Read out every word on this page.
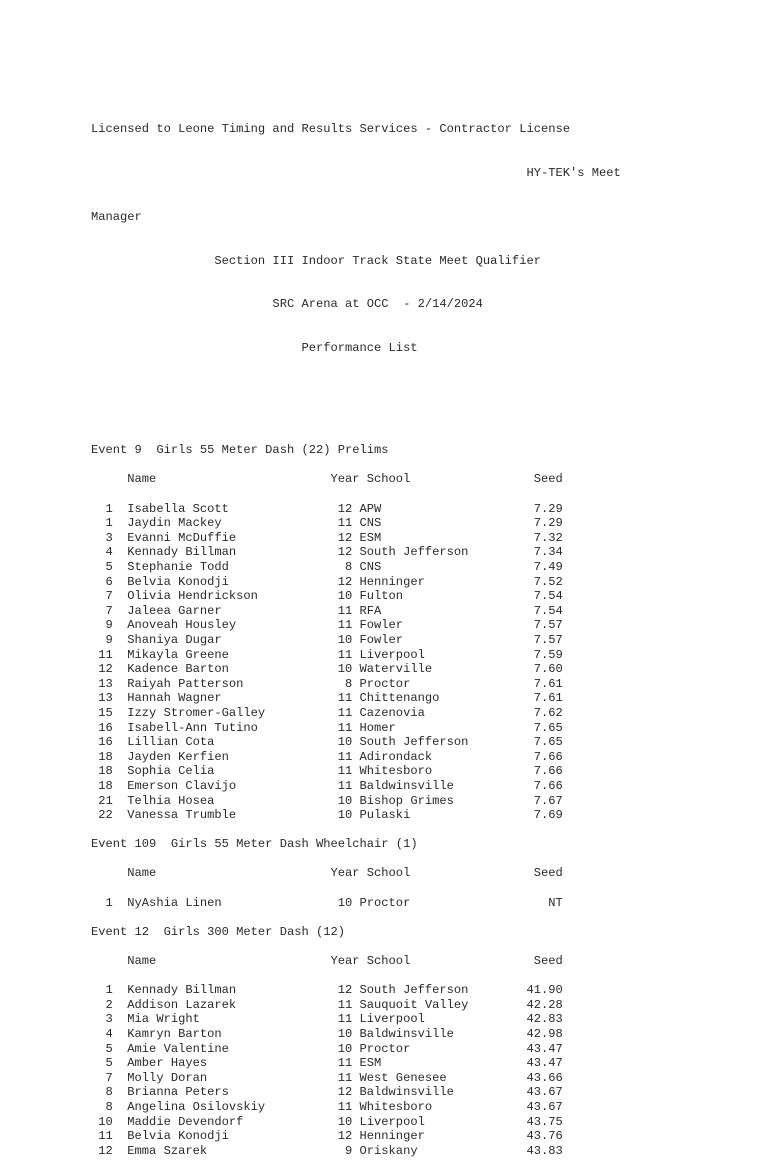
Licensed to Leone Timing and Results Services - Contractor License

HY-TEK's Meet

Manager

Section III Indoor Track State Meet Qualifier

SRC Arena at OCC  - 2/14/2024

Performance List

Event 9  Girls 55 Meter Dash (22) Prelims

Name                        Year School                 Seed

1  Isabella Scott               12 APW                     7.29
1  Jaydin Mackey                11 CNS                     7.29
3  Evanni McDuffie              12 ESM                     7.32
4  Kennady Billman              12 South Jefferson         7.34
5  Stephanie Todd                8 CNS                     7.49
6  Belvia Konodji               12 Henninger               7.52
7  Olivia Hendrickson           10 Fulton                  7.54
7  Jaleea Garner                11 RFA                     7.54
9  Anoveah Housley              11 Fowler                  7.57
9  Shaniya Dugar                10 Fowler                  7.57
11  Mikayla Greene               11 Liverpool               7.59
12  Kadence Barton               10 Waterville              7.60
13  Raiyah Patterson              8 Proctor                 7.61
13  Hannah Wagner                11 Chittenango             7.61
15  Izzy Stromer-Galley          11 Cazenovia               7.62
16  Isabell-Ann Tutino           11 Homer                   7.65
16  Lillian Cota                 10 South Jefferson         7.65
18  Jayden Kerfien               11 Adirondack              7.66
18  Sophia Celia                 11 Whitesboro              7.66
18  Emerson Clavijo              11 Baldwinsville           7.66
21  Telhia Hosea                 10 Bishop Grimes           7.67
22  Vanessa Trumble              10 Pulaski                 7.69

Event 109  Girls 55 Meter Dash Wheelchair (1)

Name                        Year School                 Seed

1  NyAshia Linen                10 Proctor                   NT

Event 12  Girls 300 Meter Dash (12)

Name                        Year School                 Seed

1  Kennady Billman              12 South Jefferson        41.90
2  Addison Lazarek              11 Sauquoit Valley        42.28
3  Mia Wright                   11 Liverpool              42.83
4  Kamryn Barton                10 Baldwinsville          42.98
5  Amie Valentine               10 Proctor                43.47
5  Amber Hayes                  11 ESM                    43.47
7  Molly Doran                  11 West Genesee           43.66
8  Brianna Peters               12 Baldwinsville          43.67
8  Angelina Osilovskiy          11 Whitesboro             43.67
10  Maddie Devendorf             10 Liverpool              43.75
11  Belvia Konodji               12 Henninger              43.76
12  Emma Szarek                   9 Oriskany               43.83
